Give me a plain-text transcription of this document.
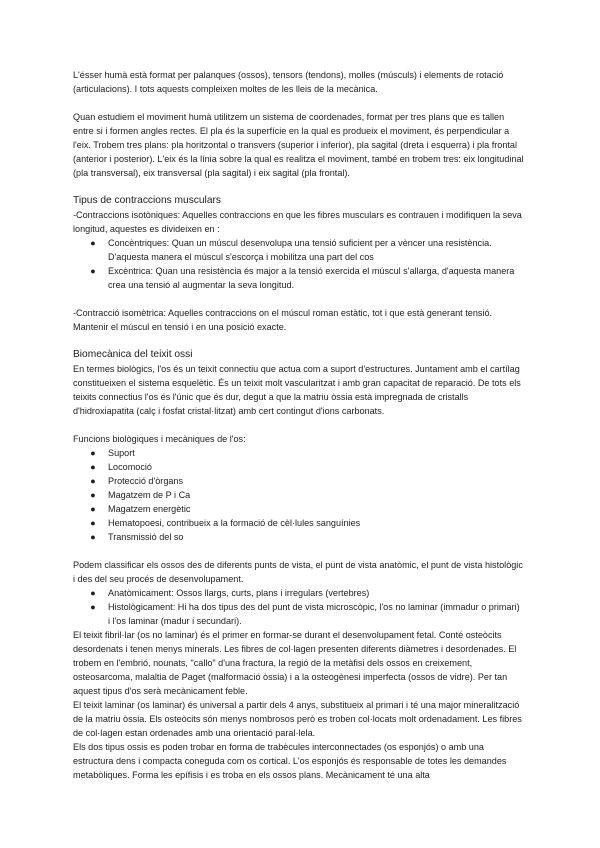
L'ésser humà està format per palanques (ossos), tensors (tendons), molles (músculs) i elements de rotació (articulacions). I tots aquests compleixen moltes de les lleis de la mecànica.

Quan estudiem el moviment humà utilitzem un sistema de coordenades, format per tres plans que es tallen entre si i formen angles rectes. El pla és la superfície en la qual es produeix el moviment, és perpendicular a l'eix. Trobem tres plans: pla horitzontal o transvers (superior i inferior), pla sagital (dreta i esquerra) i pla frontal (anterior i posterior). L'eix és la línia sobre la qual es realitza el moviment, també en trobem tres: eix longitudinal (pla transversal), eix transversal (pla sagital) i eix sagital (pla frontal).

Tipus de contraccions musculars

-Contraccions isotòniques: Aquelles contraccions en que les fibres musculars es contrauen i modifiquen la seva longitud, aquestes es divideixen en :

● Concèntriques: Quan un múscul desenvolupa una tensió suficient per a vèncer una resistència. D'aquesta manera el múscul s'escorça i mobilitza una part del cos
● Excèntrica: Quan una resistència és major a la tensió exercida el múscul s'allarga, d'aquesta manera crea una tensió al augmentar la seva longitud.

-Contracció isomètrica: Aquelles contraccions on el múscul roman estàtic, tot i que està generant tensió. Mantenir el múscul en tensió i en una posició exacte.

Biomecànica del teixit ossi

En termes biològics, l'os és un teixit connectiu que actua com a suport d'estructures. Juntament amb el cartílag constitueixen el sistema esquelètic. És un teixit molt vascularitzat i amb gran capacitat de reparació. De tots els teixits connectius l'os és l'únic que és dur, degut a que la matriu òssia està impregnada de cristalls d'hidroxiapatita (calç i fosfat cristal·litzat) amb cert contingut d'ions carbonats.

Funcions biològiques i mecàniques de l'os:

● Suport
● Locomoció
● Protecció d'òrgans
● Magatzem de P i Ca
● Magatzem energètic
● Hematopoesi, contribueix a la formació de cèl·lules sanguínies
● Transmissió del so

Podem classificar els ossos des de diferents punts de vista, el punt de vista anatòmic, el punt de vista histològic i des del seu procés de desenvolupament.

● Anatòmicament: Ossos llargs, curts, plans i irregulars (vertebres)
● Histològicament: Hi ha dos tipus des del punt de vista microscòpic, l'os no laminar (immadur o primari) i l'os laminar (madur i secundari).

El teixit fibril·lar (os no laminar) és el primer en formar-se durant el desenvolupament fetal. Conté osteòcits desordenats i tenen menys minerals. Les fibres de col·lagen presenten diferents diàmetres i desordenades. El trobem en l'embrió, nounats, "callo" d'una fractura, la regió de la metàfisi dels ossos en creixement, osteosarcoma, malaltia de Paget (malformació òssia) i a la osteogènesi imperfecta (ossos de vidre). Per tan aquest tipus d'os serà mecànicament feble.

El teixit laminar (os laminar) és universal a partir dels 4 anys, substitueix al primari i té una major mineralització de la matriu òssia. Els osteòcits són menys nombrosos però es troben col·locats molt ordenadament. Les fibres de col·lagen estan ordenades amb una orientació paral·lela.

Els dos tipus ossis es poden trobar en forma de trabècules interconnectades (os esponjós) o amb una estructura dens i compacta coneguda com os cortical. L'os esponjós és responsable de totes les demandes metabòliques. Forma les epífisis i es troba en els ossos plans. Mecànicament té una alta
